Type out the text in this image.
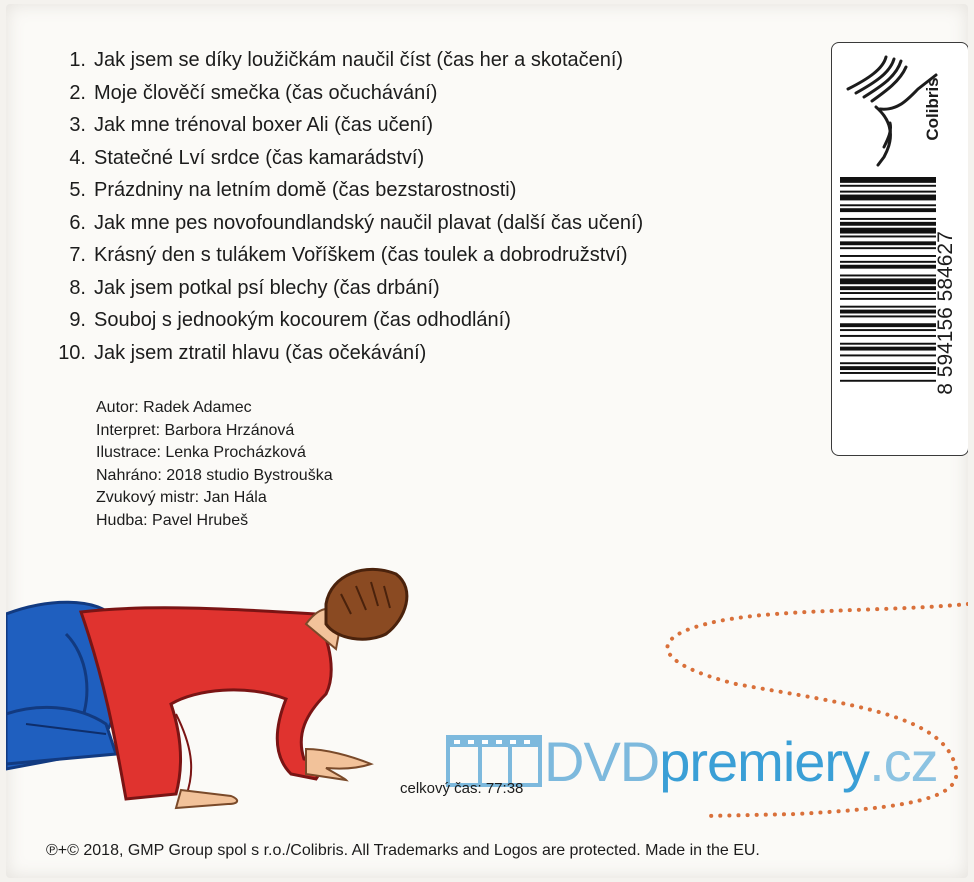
1. Jak jsem se díky loužičkám naučil číst (čas her a skotačení)
2. Moje člověčí smečka (čas očuchávání)
3. Jak mne trénoval boxer Ali (čas učení)
4. Statečné Lví srdce (čas kamarádství)
5. Prázdniny na letním domě (čas bezstarostnosti)
6. Jak mne pes novofoundlandský naučil plavat (další čas učení)
7. Krásný den s tulákem Voříškem (čas toulek a dobrodružství)
8. Jak jsem potkal psí blechy (čas drbání)
9. Souboj s jednookým kocourem (čas odhodlání)
10. Jak jsem ztratil hlavu (čas očekávání)
Autor: Radek Adamec
Interpret: Barbora Hrzánová
Ilustrace: Lenka Procházková
Nahráno: 2018 studio Bystrouška
Zvukový mistr: Jan Hála
Hudba: Pavel Hrubeš
Colibris
8 594156 584627
DVD premiery .cz
celkový čas: 77:38
℗+© 2018, GMP Group spol s r.o./Colibris. All Trademarks and Logos are protected. Made in the EU.
